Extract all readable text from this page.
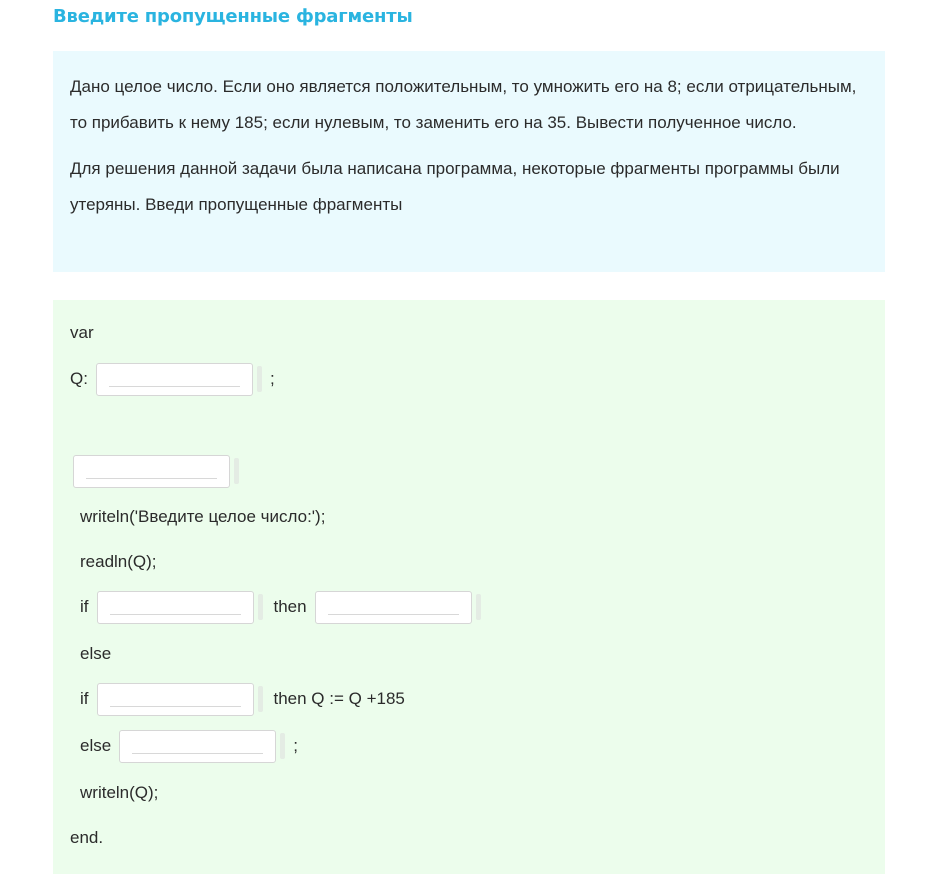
Введите пропущенные фрагменты

Дано целое число. Если оно является положительным, то умножить его на 8; если отрицательным, то прибавить к нему 185; если нулевым, то заменить его на 35. Вывести полученное число.

Для решения данной задачи была написана программа, некоторые фрагменты программы были утеряны. Введи пропущенные фрагменты

var
Q:

	;

writeln('Введите целое число:');
readln(Q);
if

	then

else
if

	then Q := Q +185
else

	;
writeln(Q);
end.
